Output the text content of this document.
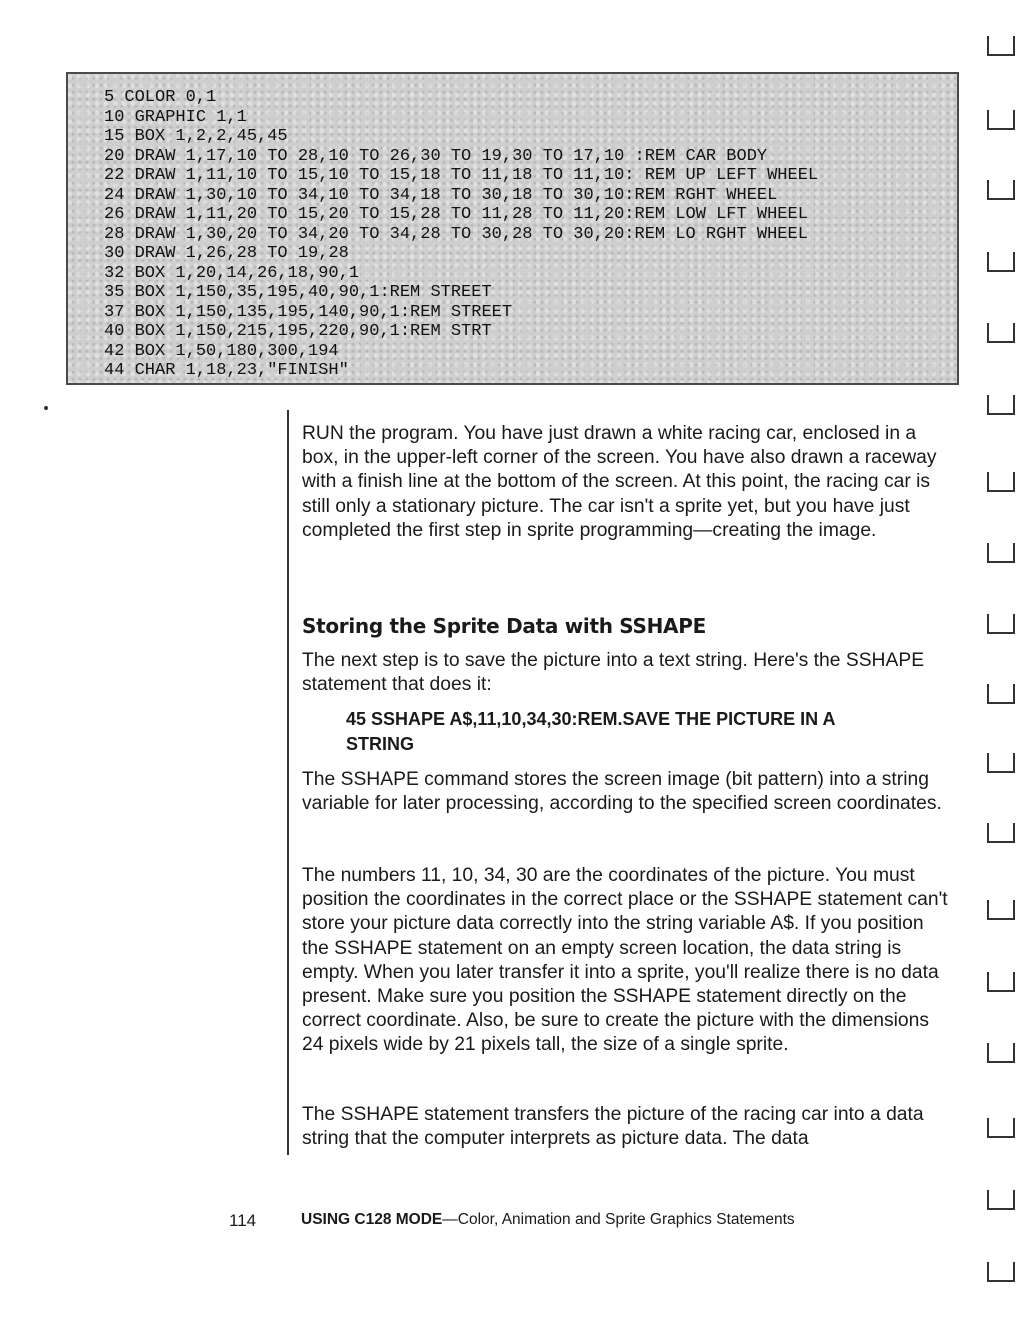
5 COLOR 0,1
10 GRAPHIC 1,1
15 BOX 1,2,2,45,45
20 DRAW 1,17,10 TO 28,10 TO 26,30 TO 19,30 TO 17,10 :REM CAR BODY
22 DRAW 1,11,10 TO 15,10 TO 15,18 TO 11,18 TO 11,10: REM UP LEFT WHEEL
24 DRAW 1,30,10 TO 34,10 TO 34,18 TO 30,18 TO 30,10:REM RGHT WHEEL
26 DRAW 1,11,20 TO 15,20 TO 15,28 TO 11,28 TO 11,20:REM LOW LFT WHEEL
28 DRAW 1,30,20 TO 34,20 TO 34,28 TO 30,28 TO 30,20:REM LO RGHT WHEEL
30 DRAW 1,26,28 TO 19,28
32 BOX 1,20,14,26,18,90,1
35 BOX 1,150,35,195,40,90,1:REM STREET
37 BOX 1,150,135,195,140,90,1:REM STREET
40 BOX 1,150,215,195,220,90,1:REM STRT
42 BOX 1,50,180,300,194
44 CHAR 1,18,23,"FINISH"
RUN the program. You have just drawn a white racing car, enclosed in a box, in the upper-left corner of the screen. You have also drawn a raceway with a finish line at the bottom of the screen. At this point, the racing car is still only a stationary picture. The car isn't a sprite yet, but you have just completed the first step in sprite programming—creating the image.
Storing the Sprite Data with SSHAPE
The next step is to save the picture into a text string. Here's the SSHAPE statement that does it:
45 SSHAPE A$,11,10,34,30:REM.SAVE THE PICTURE IN A STRING
The SSHAPE command stores the screen image (bit pattern) into a string variable for later processing, according to the specified screen coordinates.
The numbers 11, 10, 34, 30 are the coordinates of the picture. You must position the coordinates in the correct place or the SSHAPE statement can't store your picture data correctly into the string variable A$. If you position the SSHAPE statement on an empty screen location, the data string is empty. When you later transfer it into a sprite, you'll realize there is no data present. Make sure you position the SSHAPE statement directly on the correct coordinate. Also, be sure to create the picture with the dimensions 24 pixels wide by 21 pixels tall, the size of a single sprite.
The SSHAPE statement transfers the picture of the racing car into a data string that the computer interprets as picture data. The data
114	USING C128 MODE—Color, Animation and Sprite Graphics Statements
